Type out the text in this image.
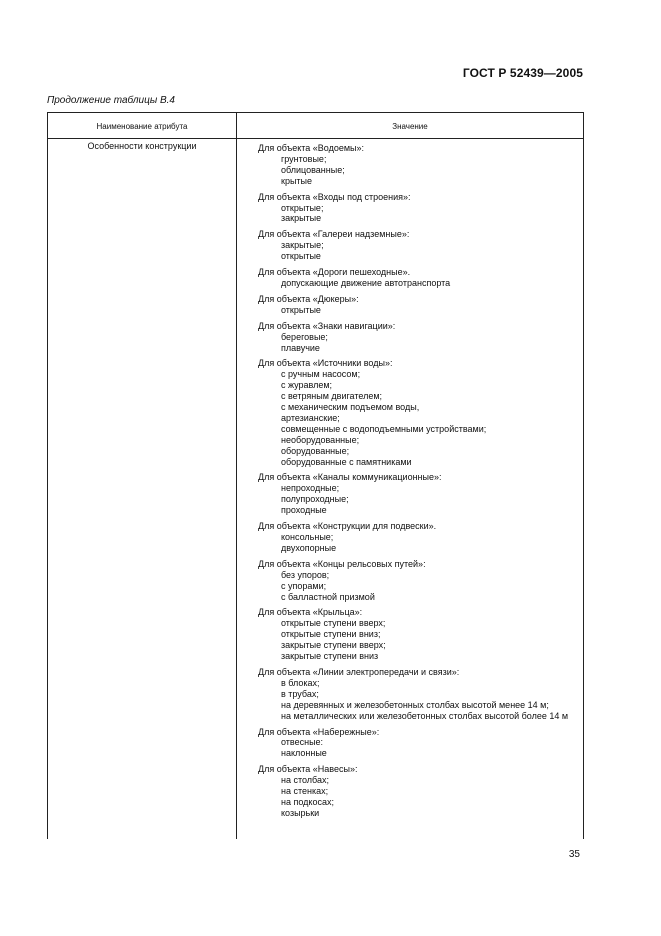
ГОСТ Р 52439—2005
Продолжение таблицы В.4
Наименование атрибута	Значение
Особенности конструкции	Для объекта «Водоемы»:
грунтовые;
облицованные;
крытые
Для объекта «Входы под строения»:
открытые;
закрытые
Для объекта «Галереи надземные»:
закрытые;
открытые
Для объекта «Дороги пешеходные».
допускающие движение автотранспорта
Для объекта «Дюкеры»:
открытые
Для объекта «Знаки навигации»:
береговые;
плавучие
Для объекта «Источники воды»:
с ручным насосом;
с журавлем;
с ветряным двигателем;
с механическим подъемом воды,
артезианские;
совмещенные с водоподъемными устройствами;
необорудованные;
оборудованные;
оборудованные с памятниками
Для объекта «Каналы коммуникационные»:
непроходные;
полупроходные;
проходные
Для объекта «Конструкции для подвески».
консольные;
двухопорные
Для объекта «Концы рельсовых путей»:
без упоров;
с упорами;
с балластной призмой
Для объекта «Крыльца»:
открытые ступени вверх;
открытые ступени вниз;
закрытые ступени вверх;
закрытые ступени вниз
Для объекта «Линии электропередачи и связи»:
в блоках;
в трубах;
на деревянных и железобетонных столбах высотой менее 14 м;
на металлических или железобетонных столбах высотой более 14 м
Для объекта «Набережные»:
отвесные:
наклонные
Для объекта «Навесы»:
на столбах;
на стенках;
на подкосах;
козырьки
35
